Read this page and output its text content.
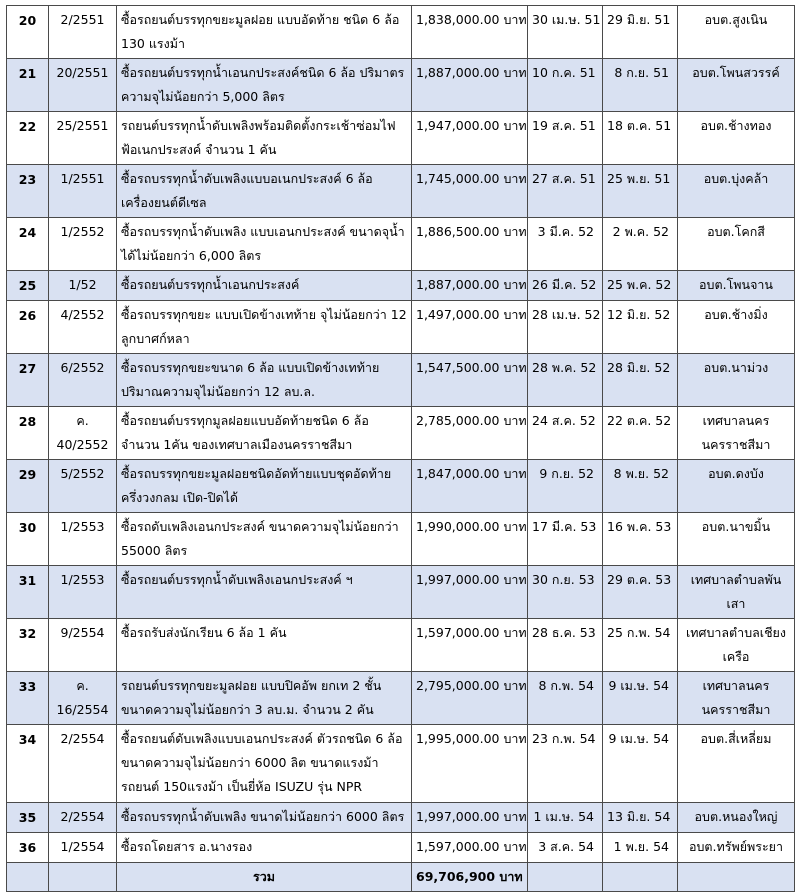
20	2/2551	ซื้อรถยนต์บรรทุกขยะมูลฝอย แบบอัดท้าย ชนิด 6 ล้อ 130 แรงม้า	1,838,000.00 บาท	30 เม.ษ. 51	29 มิ.ย. 51	อบต.สูงเนิน
21	20/2551	ซื้อรถยนต์บรรทุกน้ำเอนกประสงค์ชนิด 6 ล้อ ปริมาตรความจุไม่น้อยกว่า 5,000 ลิตร	1,887,000.00 บาท	10 ก.ค. 51	8 ก.ย. 51	อบต.โพนสวรรค์
22	25/2551	รถยนต์บรรทุกน้ำดับเพลิงพร้อมติดตั้งกระเช้าซ่อมไฟฟ้อเนกประสงค์ จำนวน 1 คัน	1,947,000.00 บาท	19 ส.ค. 51	18 ต.ค. 51	อบต.ช้างทอง
23	1/2551	ซื้อรถบรรทุกน้ำดับเพลิงแบบอเนกประสงค์ 6 ล้อ เครื่องยนต์ดีเซล	1,745,000.00 บาท	27 ส.ค. 51	25 พ.ย. 51	อบต.บุ่งคล้า
24	1/2552	ซื้อรถบรรทุกน้ำดับเพลิง แบบเอนกประสงค์ ขนาดจุน้ำได้ไม่น้อยกว่า 6,000 ลิตร	1,886,500.00 บาท	3 มี.ค. 52	2 พ.ค. 52	อบต.โคกสี
25	1/52	ซื้อรถยนต์บรรทุกน้ำเอนกประสงค์	1,887,000.00 บาท	26 มี.ค. 52	25 พ.ค. 52	อบต.โพนจาน
26	4/2552	ซื้อรถบรรทุกขยะ แบบเปิดข้างเทท้าย จุไม่น้อยกว่า 12 ลูกบาศก์หลา	1,497,000.00 บาท	28 เม.ษ. 52	12 มิ.ย. 52	อบต.ช้างมิ่ง
27	6/2552	ซื้อรถบรรทุกขยะขนาด 6 ล้อ แบบเปิดข้างเทท้ายปริมาณความจุไม่น้อยกว่า 12 ลบ.ล.	1,547,500.00 บาท	28 พ.ค. 52	28 มิ.ย. 52	อบต.นาม่วง
28	ค. 40/2552	ซื้อรถยนต์บรรทุกมูลฝอยแบบอัดท้ายชนิด 6 ล้อ จำนวน 1คัน ของเทศบาลเมืองนครราชสีมา	2,785,000.00 บาท	24 ส.ค. 52	22 ต.ค. 52	เทศบาลนครนครราชสีมา
29	5/2552	ซื้อรถบรรทุกขยะมูลฝอยชนิดอัดท้ายแบบชุดอัดท้ายครึ่งวงกลม เปิด-ปิดได้	1,847,000.00 บาท	9 ก.ย. 52	8 พ.ย. 52	อบต.ดงบัง
30	1/2553	ซื้อรถดับเพลิงเอนกประสงค์ ขนาดความจุไม่น้อยกว่า 55000 ลิตร	1,990,000.00 บาท	17 มี.ค. 53	16 พ.ค. 53	อบต.นาขมิ้น
31	1/2553	ซื้อรถยนต์บรรทุกน้ำดับเพลิงเอนกประสงค์ ฯ	1,997,000.00 บาท	30 ก.ย. 53	29 ต.ค. 53	เทศบาลตำบลพันเสา
32	9/2554	ซื้อรถรับส่งนักเรียน 6 ล้อ 1 คัน	1,597,000.00 บาท	28 ธ.ค. 53	25 ก.พ. 54	เทศบาลตำบลเชียงเครือ
33	ค. 16/2554	รถยนต์บรรทุกขยะมูลฝอย แบบปิคอัพ ยกเท 2 ชั้น ขนาดความจุไม่น้อยกว่า 3 ลบ.ม. จำนวน 2 คัน	2,795,000.00 บาท	8 ก.พ. 54	9 เม.ษ. 54	เทศบาลนครนครราชสีมา
34	2/2554	ซื้อรถยนต์ดับเพลิงแบบเอนกประสงค์ ตัวรถชนิด 6 ล้อ ขนาดความจุไม่น้อยกว่า 6000 ลิต ขนาดแรงม้ารถยนต์ 150แรงม้า เป็นยี่ห้อ ISUZU รุ่น NPR	1,995,000.00 บาท	23 ก.พ. 54	9 เม.ษ. 54	อบต.สี่เหลี่ยม
35	2/2554	ซื้อรถบรรทุกน้ำดับเพลิง ขนาดไม่น้อยกว่า 6000 ลิตร	1,997,000.00 บาท	1 เม.ษ. 54	13 มิ.ย. 54	อบต.หนองใหญ่
36	1/2554	ซื้อรถโดยสาร อ.นางรอง	1,597,000.00 บาท	3 ส.ค. 54	1 พ.ย. 54	อบต.ทรัพย์พระยา
		รวม	69,706,900 บาท			
